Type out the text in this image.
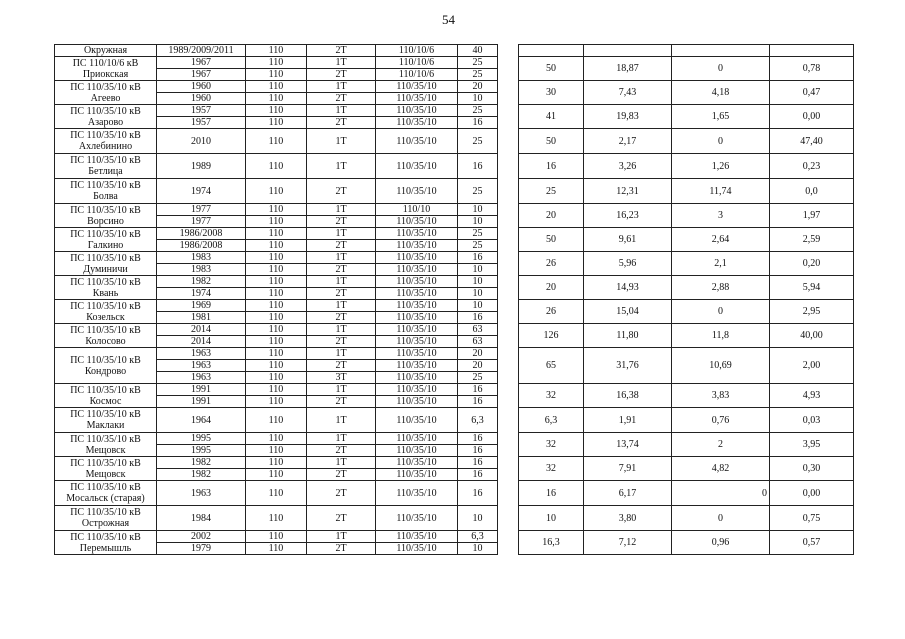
54
Окружная	1989/2009/2011	110	2Т	110/10/6	40					
ПС 110/10/6 кВ Приокская	1967	110	1Т	110/10/6	25		50	18,87	0	0,78
	1967	110	2Т	110/10/6	25					
ПС 110/35/10 кВ Агеево	1960	110	1Т	110/35/10	20		30	7,43	4,18	0,47
	1960	110	2Т	110/35/10	10					
ПС 110/35/10 кВ Азарово	1957	110	1Т	110/35/10	25		41	19,83	1,65	0,00
	1957	110	2Т	110/35/10	16					
ПС 110/35/10 кВ Ахлебинино	2010	110	1Т	110/35/10	25		50	2,17	0	47,40
ПС 110/35/10 кВ Бетлица	1989	110	1Т	110/35/10	16		16	3,26	1,26	0,23
ПС 110/35/10 кВ Болва	1974	110	2Т	110/35/10	25		25	12,31	11,74	0,0
ПС 110/35/10 кВ Ворсино	1977	110	1Т	110/10	10		20	16,23	3	1,97
	1977	110	2Т	110/35/10	10					
ПС 110/35/10 кВ Галкино	1986/2008	110	1Т	110/35/10	25		50	9,61	2,64	2,59
	1986/2008	110	2Т	110/35/10	25					
ПС 110/35/10 кВ Думиничи	1983	110	1Т	110/35/10	16		26	5,96	2,1	0,20
	1983	110	2Т	110/35/10	10					
ПС 110/35/10 кВ Квань	1982	110	1Т	110/35/10	10		20	14,93	2,88	5,94
	1974	110	2Т	110/35/10	10					
ПС 110/35/10 кВ Козельск	1969	110	1Т	110/35/10	10		26	15,04	0	2,95
	1981	110	2Т	110/35/10	16					
ПС 110/35/10 кВ Колосово	2014	110	1Т	110/35/10	63		126	11,80	11,8	40,00
	2014	110	2Т	110/35/10	63					
ПС 110/35/10 кВ Кондрово	1963	110	1Т	110/35/10	20		65	31,76	10,69	2,00
	1963	110	2Т	110/35/10	20					
	1963	110	3Т	110/35/10	25					
ПС 110/35/10 кВ Космос	1991	110	1Т	110/35/10	16		32	16,38	3,83	4,93
	1991	110	2Т	110/35/10	16					
ПС 110/35/10 кВ Маклаки	1964	110	1Т	110/35/10	6,3		6,3	1,91	0,76	0,03
ПС 110/35/10 кВ Мещовск	1995	110	1Т	110/35/10	16		32	13,74	2	3,95
	1995	110	2Т	110/35/10	16					
ПС 110/35/10 кВ Мещовск	1982	110	1Т	110/35/10	16		32	7,91	4,82	0,30
	1982	110	2Т	110/35/10	16					
ПС 110/35/10 кВ Мосальск (старая)	1963	110	2Т	110/35/10	16		16	6,17	0	0,00
ПС 110/35/10 кВ Острожная	1984	110	2Т	110/35/10	10		10	3,80	0	0,75
ПС 110/35/10 кВ Перемышль	2002	110	1Т	110/35/10	6,3		16,3	7,12	0,96	0,57
	1979	110	2Т	110/35/10	10					
